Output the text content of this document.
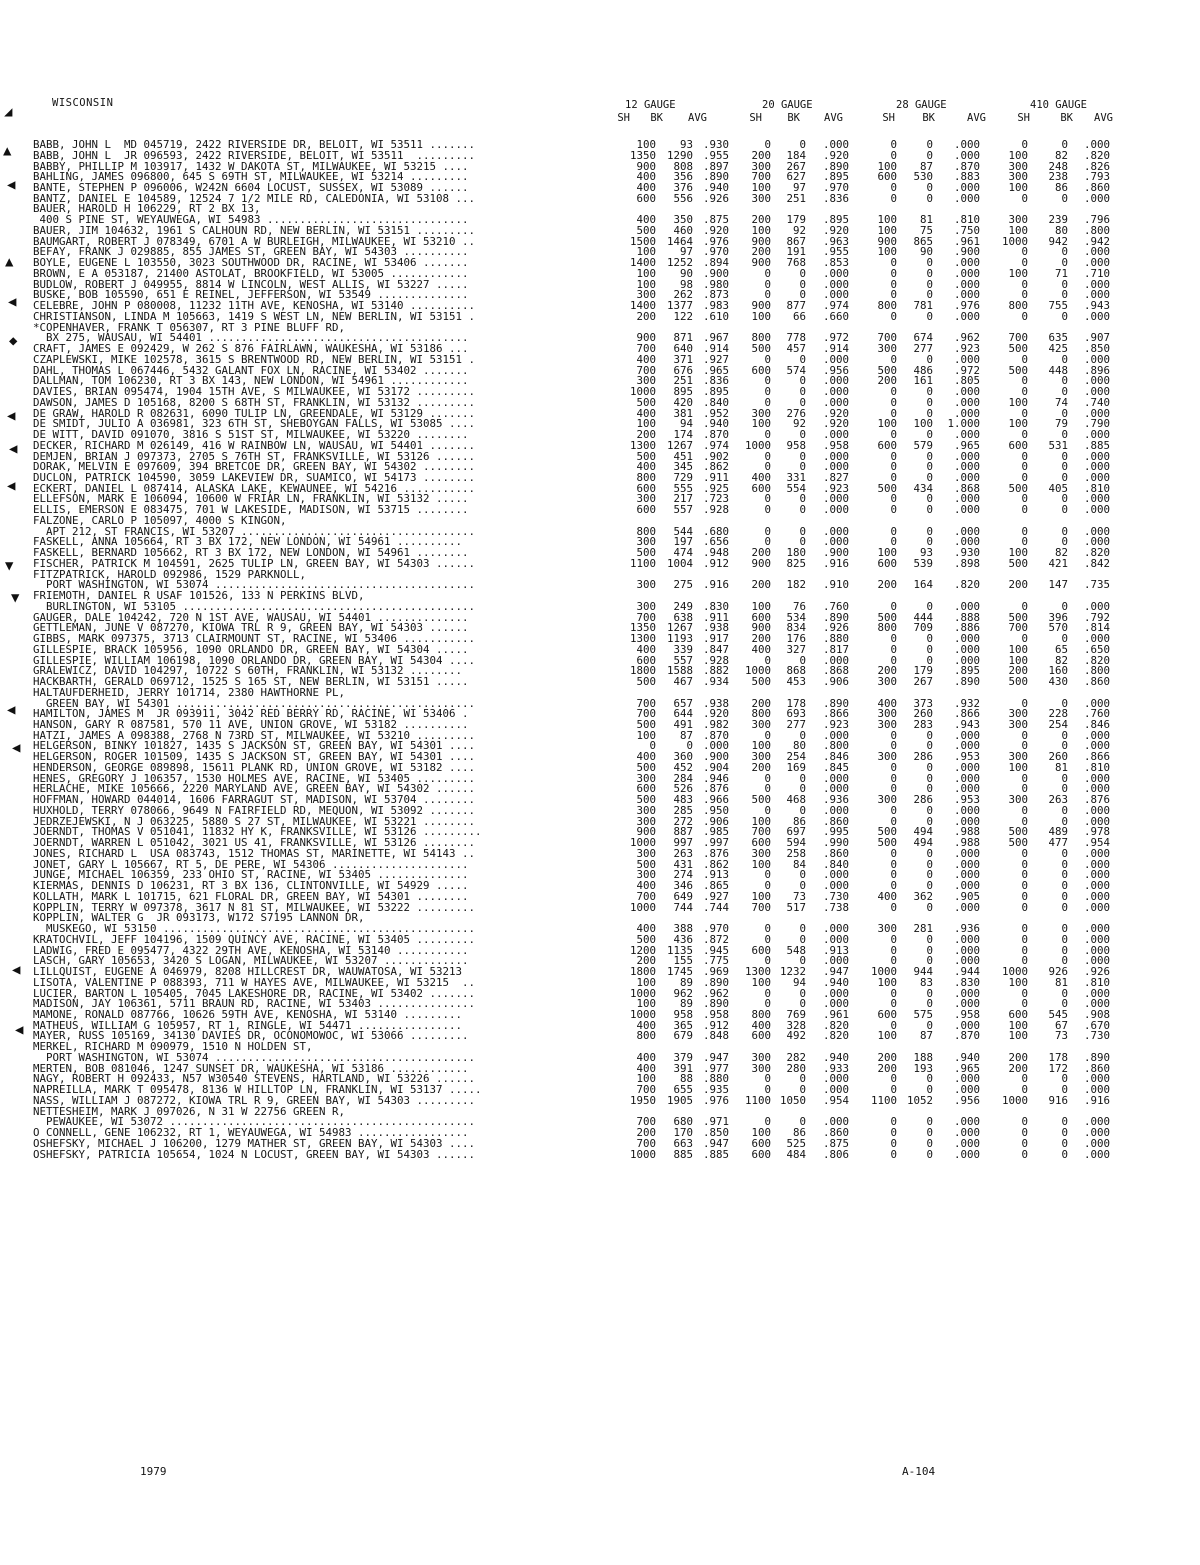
WISCONSIN	12 GAUGE	20 GAUGE	28 GAUGE	410 GAUGE
SH	BK	AVG	SH	BK	AVG	SH	BK	AVG	SH	BK	AVG
BABB, JOHN L  MD 045719, 2422 RIVERSIDE DR, BELOIT, WI 53511 .......	100	93 .930	0	0	.000	0	0	.000	0	0	.000
BABB, JOHN L  JR 096593, 2422 RIVERSIDE, BELOIT, WI 53511  .........	1350	1290 .955	200	184	.920	0	0	.000	100	82	.820
BABBY, PHILLIP M 103917, 1432 W DAKOTA ST, MILWAUKEE, WI 53215 ....	900	808 .897	300	267	.890	100	87	.870	300	248	.826
BAHLING, JAMES 096800, 645 S 69TH ST, MILWAUKEE, WI 53214 .........	400	356 .890	700	627	.895	600	530	.883	300	238	.793
BANTE, STEPHEN P 096006, W242N 6604 LOCUST, SUSSEX, WI 53089 ......	400	376 .940	100	97	.970	0	0	.000	100	86	.860
BANTZ, DANIEL E 104589, 12524 7 1/2 MILE RD, CALEDONIA, WI 53108 ...	600	556 .926	300	251	.836	0	0	.000	0	0	.000
BAUER, HAROLD H 106229, RT 2 BX 13,
400 S PINE ST, WEYAUWEGA, WI 54983 ...............................	400	350 .875	200	179	.895	100	81	.810	300	239	.796
BAUER, JIM 104632, 1961 S CALHOUN RD, NEW BERLIN, WI 53151 .........	500	460 .920	100	92	.920	100	75	.750	100	80	.800
BAUMGART, ROBERT J 078349, 6701 A W BURLEIGH, MILWAUKEE, WI 53210 ..	1500	1464 .976	900	867	.963	900	865	.961	1000	942	.942
BEFAY, FRANK J 029885, 855 JAMES ST, GREEN BAY, WI 54303 ..........	100	97 .970	200	191	.955	100	90	.900	0	0	.000
BOYLE, EUGENE L 103550, 3023 SOUTHWOOD DR, RACINE, WI 53406 .......	1400	1252 .894	900	768	.853	0	0	.000	0	0	.000
BROWN, E A 053187, 21400 ASTOLAT, BROOKFIELD, WI 53005 ............	100	90 .900	0	0	.000	0	0	.000	100	71	.710
BUDLOW, ROBERT J 049955, 8814 W LINCOLN, WEST ALLIS, WI 53227 .....	100	98 .980	0	0	.000	0	0	.000	0	0	.000
BUSKE, BOB 105590, 651 E REINEL, JEFFERSON, WI 53549 ..............	300	262 .873	0	0	.000	0	0	.000	0	0	.000
CELEBRE, JOHN P 080008, 11232 11TH AVE, KENOSHA, WI 53140 ..........	1400	1377 .983	900	877	.974	800	781	.976	800	755	.943
CHRISTIANSON, LINDA M 105663, 1419 S WEST LN, NEW BERLIN, WI 53151 .	200	122 .610	100	66	.660	0	0	.000	0	0	.000
*COPENHAVER, FRANK T 056307, RT 3 PINE BLUFF RD,
BX 275, WAUSAU, WI 54401 ........................................	900	871 .967	800	778	.972	700	674	.962	700	635	.907
CRAFT, JAMES E 092429, W 262 S 876 FAIRLAWN, WAUKESHA, WI 53186 ...	700	640 .914	500	457	.914	300	277	.923	500	425	.850
CZAPLEWSKI, MIKE 102578, 3615 S BRENTWOOD RD, NEW BERLIN, WI 53151 .	400	371 .927	0	0	.000	0	0	.000	0	0	.000
DAHL, THOMAS L 067446, 5432 GALANT FOX LN, RACINE, WI 53402 .......	700	676 .965	600	574	.956	500	486	.972	500	448	.896
DALLMAN, TOM 106230, RT 3 BX 143, NEW LONDON, WI 54961 ............	300	251 .836	0	0	.000	200	161	.805	0	0	.000
DAVIES, BRIAN 095474, 1904 15TH AVE, S MILWAUKEE, WI 53172 .........	1000	895 .895	0	0	.000	0	0	.000	0	0	.000
DAWSON, JAMES D 105168, 8200 S 68TH ST, FRANKLIN, WI 53132 .........	500	420 .840	0	0	.000	0	0	.000	100	74	.740
DE GRAW, HAROLD R 082631, 6090 TULIP LN, GREENDALE, WI 53129 .......	400	381 .952	300	276	.920	0	0	.000	0	0	.000
DE SMIDT, JULIO A 036981, 323 6TH ST, SHEBOYGAN FALLS, WI 53085 ....	100	94 .940	100	92	.920	100	100	1.000	100	79	.790
DE WITT, DAVID 091070, 3816 S 51ST ST, MILWAUKEE, WI 53220 ........	200	174 .870	0	0	.000	0	0	.000	0	0	.000
DECKER, RICHARD M 026149, 416 W RAINBOW LN, WAUSAU, WI 54401 .......	1300	1267 .974	1000	958	.958	600	579	.965	600	531	.885
DEMJEN, BRIAN J 097373, 2705 S 76TH ST, FRANKSVILLE, WI 53126 ......	500	451 .902	0	0	.000	0	0	.000	0	0	.000
DORAK, MELVIN E 097609, 394 BRETCOE DR, GREEN BAY, WI 54302 ........	400	345 .862	0	0	.000	0	0	.000	0	0	.000
DUCLON, PATRICK 104590, 3059 LAKEVIEW DR, SUAMICO, WI 54173 ........	800	729 .911	400	331	.827	0	0	.000	0	0	.000
ECKERT, DANIEL L 087414, ALASKA LAKE, KEWAUNEE, WI 54216 ...........	600	555 .925	600	554	.923	500	434	.868	500	405	.810
ELLEFSON, MARK E 106094, 10600 W FRIAR LN, FRANKLIN, WI 53132 .....	300	217 .723	0	0	.000	0	0	.000	0	0	.000
ELLIS, EMERSON E 083475, 701 W LAKESIDE, MADISON, WI 53715 ........	600	557 .928	0	0	.000	0	0	.000	0	0	.000
FALZONE, CARLO P 105097, 4000 S KINGON,
APT 212, ST FRANCIS, WI 53207 ....................................	800	544 .680	0	0	.000	0	0	.000	0	0	.000
FASKELL, ANNA 105664, RT 3 BX 172, NEW LONDON, WI 54961 ..........	300	197 .656	0	0	.000	0	0	.000	0	0	.000
FASKELL, BERNARD 105662, RT 3 BX 172, NEW LONDON, WI 54961 ........	500	474 .948	200	180	.900	100	93	.930	100	82	.820
FISCHER, PATRICK M 104591, 2625 TULIP LN, GREEN BAY, WI 54303 ......	1100	1004 .912	900	825	.916	600	539	.898	500	421	.842
FITZPATRICK, HAROLD 092986, 1529 PARKNOLL,
PORT WASHINGTON, WI 53074 ........................................	300	275 .916	200	182	.910	200	164	.820	200	147	.735
FRIEMOTH, DANIEL R USAF 101526, 133 N PERKINS BLVD,
BURLINGTON, WI 53105 .............................................	300	249 .830	100	76	.760	0	0	.000	0	0	.000
GAUGER, DALE 104242, 720 N 1ST AVE, WAUSAU, WI 54401 ..............	700	638 .911	600	534	.890	500	444	.888	500	396	.792
GETTLEMAN, JUNE V 087270, KIOWA TRL R 9, GREEN BAY, WI 54303 ......	1350	1267 .938	900	834	.926	800	709	.886	700	570	.814
GIBBS, MARK 097375, 3713 CLAIRMOUNT ST, RACINE, WI 53406 ...........	1300	1193 .917	200	176	.880	0	0	.000	0	0	.000
GILLESPIE, BRACK 105956, 1090 ORLANDO DR, GREEN BAY, WI 54304 .....	400	339 .847	400	327	.817	0	0	.000	100	65	.650
GILLESPIE, WILLIAM 106198, 1090 ORLANDO DR, GREEN BAY, WI 54304 ....	600	557 .928	0	0	.000	0	0	.000	100	82	.820
GRALEWICZ, DAVID 104297, 10722 S 60TH, FRANKLIN, WI 53132 ........	1800	1588 .882	1000	868	.868	200	179	.895	200	160	.800
HACKBARTH, GERALD 069712, 1525 S 165 ST, NEW BERLIN, WI 53151 .....	500	467 .934	500	453	.906	300	267	.890	500	430	.860
HALTAUFDERHEID, JERRY 101714, 2380 HAWTHORNE PL,
GREEN BAY, WI 54301 ..............................................	700	657 .938	200	178	.890	400	373	.932	0	0	.000
HAMILTON, JAMES M  JR 093911, 3042 RED BERRY RD, RACINE, WI 53406 .	700	644 .920	800	693	.866	300	260	.866	300	228	.760
HANSON, GARY R 087581, 570 11 AVE, UNION GROVE, WI 53182 ..........	500	491 .982	300	277	.923	300	283	.943	300	254	.846
HATZI, JAMES A 098388, 2768 N 73RD ST, MILWAUKEE, WI 53210 .........	100	87 .870	0	0	.000	0	0	.000	0	0	.000
HELGERSON, BINKY 101827, 1435 S JACKSON ST, GREEN BAY, WI 54301 ....	0	0 .000	100	80	.800	0	0	.000	0	0	.000
HELGERSON, ROGER 101509, 1435 S JACKSON ST, GREEN BAY, WI 54301 ....	400	360 .900	300	254	.846	300	286	.953	300	260	.866
HENDERSON, GEORGE 089898, 15611 PLANK RD, UNION GROVE, WI 53182 ....	500	452 .904	200	169	.845	0	0	.000	100	81	.810
HENES, GREGORY J 106357, 1530 HOLMES AVE, RACINE, WI 53405 .........	300	284 .946	0	0	.000	0	0	.000	0	0	.000
HERLACHE, MIKE 105666, 2220 MARYLAND AVE, GREEN BAY, WI 54302 ......	600	526 .876	0	0	.000	0	0	.000	0	0	.000
HOFFMAN, HOWARD 044014, 1606 FARRAGUT ST, MADISON, WI 53704 ........	500	483 .966	500	468	.936	300	286	.953	300	263	.876
HUXHOLD, TERRY 078066, 9649 N FAIRFIELD RD, MEQUON, WI 53092 .......	300	285 .950	0	0	.000	0	0	.000	0	0	.000
JEDRZEJEWSKI, N J 063225, 5880 S 27 ST, MILWAUKEE, WI 53221 ........	300	272 .906	100	86	.860	0	0	.000	0	0	.000
JOERNDT, THOMAS V 051041, 11832 HY K, FRANKSVILLE, WI 53126 .........	900	887 .985	700	697	.995	500	494	.988	500	489	.978
JOERNDT, WARREN L 051042, 3021 US 41, FRANKSVILLE, WI 53126 ........	1000	997 .997	600	594	.990	500	494	.988	500	477	.954
JONES, RICHARD L  USA 083743, 1512 THOMAS ST, MARINETTE, WI 54143 ..	300	263 .876	300	258	.860	0	0	.000	0	0	.000
JONET, GARY L 105667, RT 5, DE PERE, WI 54306 .....................	500	431 .862	100	84	.840	0	0	.000	0	0	.000
JUNGE, MICHAEL 106359, 233 OHIO ST, RACINE, WI 53405 ..............	300	274 .913	0	0	.000	0	0	.000	0	0	.000
KIERMAS, DENNIS D 106231, RT 3 BX 136, CLINTONVILLE, WI 54929 .....	400	346 .865	0	0	.000	0	0	.000	0	0	.000
KOLLATH, MARK L 101715, 621 FLORAL DR, GREEN BAY, WI 54301 ........	700	649 .927	100	73	.730	400	362	.905	0	0	.000
KOPPLIN, TERRY W 097378, 3617 N 81 ST, MILWAUKEE, WI 53222 .........	1000	744 .744	700	517	.738	0	0	.000	0	0	.000
KOPPLIN, WALTER G  JR 093173, W172 S7195 LANNON DR,
MUSKEGO, WI 53150 ................................................	400	388 .970	0	0	.000	300	281	.936	0	0	.000
KRATOCHVIL, JEFF 104196, 1509 QUINCY AVE, RACINE, WI 53405 .........	500	436 .872	0	0	.000	0	0	.000	0	0	.000
LADWIG, FRED E 095477, 4322 29TH AVE, KENOSHA, WI 53140 ...........	1200	1135 .945	600	548	.913	0	0	.000	0	0	.000
LASCH, GARY 105653, 3420 S LOGAN, MILWAUKEE, WI 53207 .............	200	155 .775	0	0	.000	0	0	.000	0	0	.000
LILLQUIST, EUGENE A 046979, 8208 HILLCREST DR, WAUWATOSA, WI 53213	1800	1745 .969	1300 1232	.947	1000	944	.944	1000	926	.926
LISOTA, VALENTINE P 088393, 711 W HAYES AVE, MILWAUKEE, WI 53215  ..	100	89 .890	100	94	.940	100	83	.830	100	81	.810
LUCIER, BARTON L 105405, 7045 LAKESHORE DR, RACINE, WI 53402 .......	1000	962 .962	0	0	.000	0	0	.000	0	0	.000
MADISON, JAY 106361, 5711 BRAUN RD, RACINE, WI 53403 ...............	100	89 .890	0	0	.000	0	0	.000	0	0	.000
MAMONE, RONALD 087766, 10626 59TH AVE, KENOSHA, WI 53140 .........	1000	958 .958	800	769	.961	600	575	.958	600	545	.908
MATHEUS, WILLIAM G 105957, RT 1, RINGLE, WI 54471 ................	400	365 .912	400	328	.820	0	0	.000	100	67	.670
MAYER, RUSS 105169, 34130 DAVIES DR, OCONOMOWOC, WI 53066 .........	800	679 .848	600	492	.820	100	87	.870	100	73	.730
MERKEL, RICHARD M 090979, 1510 N HOLDEN ST,
PORT WASHINGTON, WI 53074 ........................................	400	379 .947	300	282	.940	200	188	.940	200	178	.890
MERTEN, BOB 081046, 1247 SUNSET DR, WAUKESHA, WI 53186 ............	400	391 .977	300	280	.933	200	193	.965	200	172	.860
NAGY, ROBERT H 092433, N57 W30540 STEVENS, HARTLAND, WI 53226 ......	100	88 .880	0	0	.000	0	0	.000	0	0	.000
NAPREILLA, MARK T 095478, 8136 W HILLTOP LN, FRANKLIN, WI 53137 .....	700	655 .935	0	0	.000	0	0	.000	0	0	.000
NASS, WILLIAM J 087272, KIOWA TRL R 9, GREEN BAY, WI 54303 .........	1950	1905 .976	1100 1050	.954	1100 1052	.956	1000	916	.916
NETTESHEIM, MARK J 097026, N 31 W 22756 GREEN R,
PEWAUKEE, WI 53072 ...............................................	700	680 .971	0	0	.000	0	0	.000	0	0	.000
O CONNELL, GENE 106232, RT 1, WEYAUWEGA, WI 54983 .................	200	170 .850	100	86	.860	0	0	.000	0	0	.000
OSHEFSKY, MICHAEL J 106200, 1279 MATHER ST, GREEN BAY, WI 54303 ....	700	663 .947	600	525	.875	0	0	.000	0	0	.000
OSHEFSKY, PATRICIA 105654, 1024 N LOCUST, GREEN BAY, WI 54303 ......	1000	885 .885	600	484	.806	0	0	.000	0	0	.000
1979	A-104
◢
▲
◀
▲
◀
◆
◀
◀
◀
▼
▼
◀
◀
◀
◀
